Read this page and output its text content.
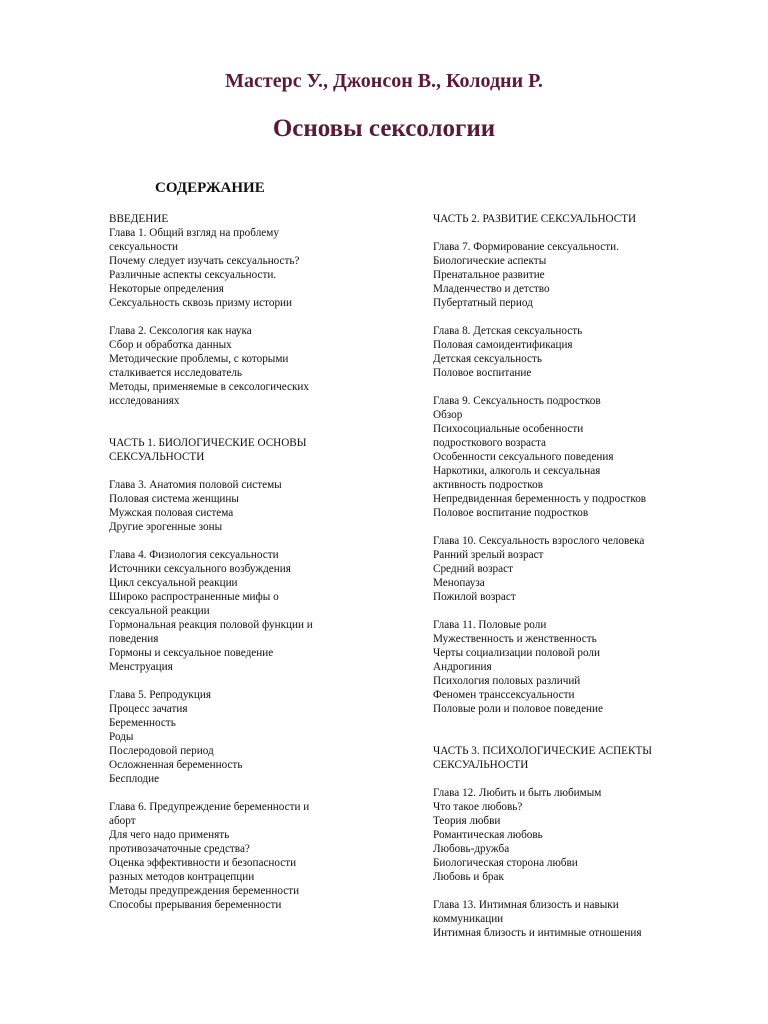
Мастерс У., Джонсон В., Колодни Р.
Основы сексологии
СОДЕРЖАНИЕ
ВВЕДЕНИЕ
Глава 1. Общий взгляд на проблему
сексуальности
Почему следует изучать сексуальность?
Различные аспекты сексуальности.
Некоторые определения
Сексуальность сквозь призму истории
Глава 2. Сексология как наука
Сбор и обработка данных
Методические проблемы, с которыми
сталкивается исследователь
Методы, применяемые в сексологических
исследованиях
ЧАСТЬ 1. БИОЛОГИЧЕСКИЕ ОСНОВЫ
СЕКСУАЛЬНОСТИ
Глава 3. Анатомия половой системы
Половая система женщины
Мужская половая система
Другие эрогенные зоны
Глава 4. Физиология сексуальности
Источники сексуального возбуждения
Цикл сексуальной реакции
Широко распространенные мифы о
сексуальной реакции
Гормональная реакция половой функции и
поведения
Гормоны и сексуальное поведение
Менструация
Глава 5. Репродукция
Процесс зачатия
Беременность
Роды
Послеродовой период
Осложненная беременность
Бесплодие
Глава 6. Предупреждение беременности и
аборт
Для чего надо применять
противозачаточные средства?
Оценка эффективности и безопасности
разных методов контрацепции
Методы предупреждения беременности
Способы прерывания беременности
ЧАСТЬ 2. РАЗВИТИЕ СЕКСУАЛЬНОСТИ
Глава 7. Формирование сексуальности.
Биологические аспекты
Пренатальное развитие
Младенчество и детство
Пубертатный период
Глава 8. Детская сексуальность
Половая самоидентификация
Детская сексуальность
Половое воспитание
Глава 9. Сексуальность подростков
Обзор
Психосоциальные особенности
подросткового возраста
Особенности сексуального поведения
Наркотики, алкоголь и сексуальная
активность подростков
Непредвиденная беременность у подростков
Половое воспитание подростков
Глава 10. Сексуальность взрослого человека
Ранний зрелый возраст
Средний возраст
Менопауза
Пожилой возраст
Глава 11. Половые роли
Мужественность и женственность
Черты социализации половой роли
Андрогиния
Психология половых различий
Феномен транссексуальности
Половые роли и половое поведение
ЧАСТЬ 3. ПСИХОЛОГИЧЕСКИЕ АСПЕКТЫ
СЕКСУАЛЬНОСТИ
Глава 12. Любить и быть любимым
Что такое любовь?
Теория любви
Романтическая любовь
Любовь-дружба
Биологическая сторона любви
Любовь и брак
Глава 13. Интимная близость и навыки
коммуникации
Интимная близость и интимные отношения
